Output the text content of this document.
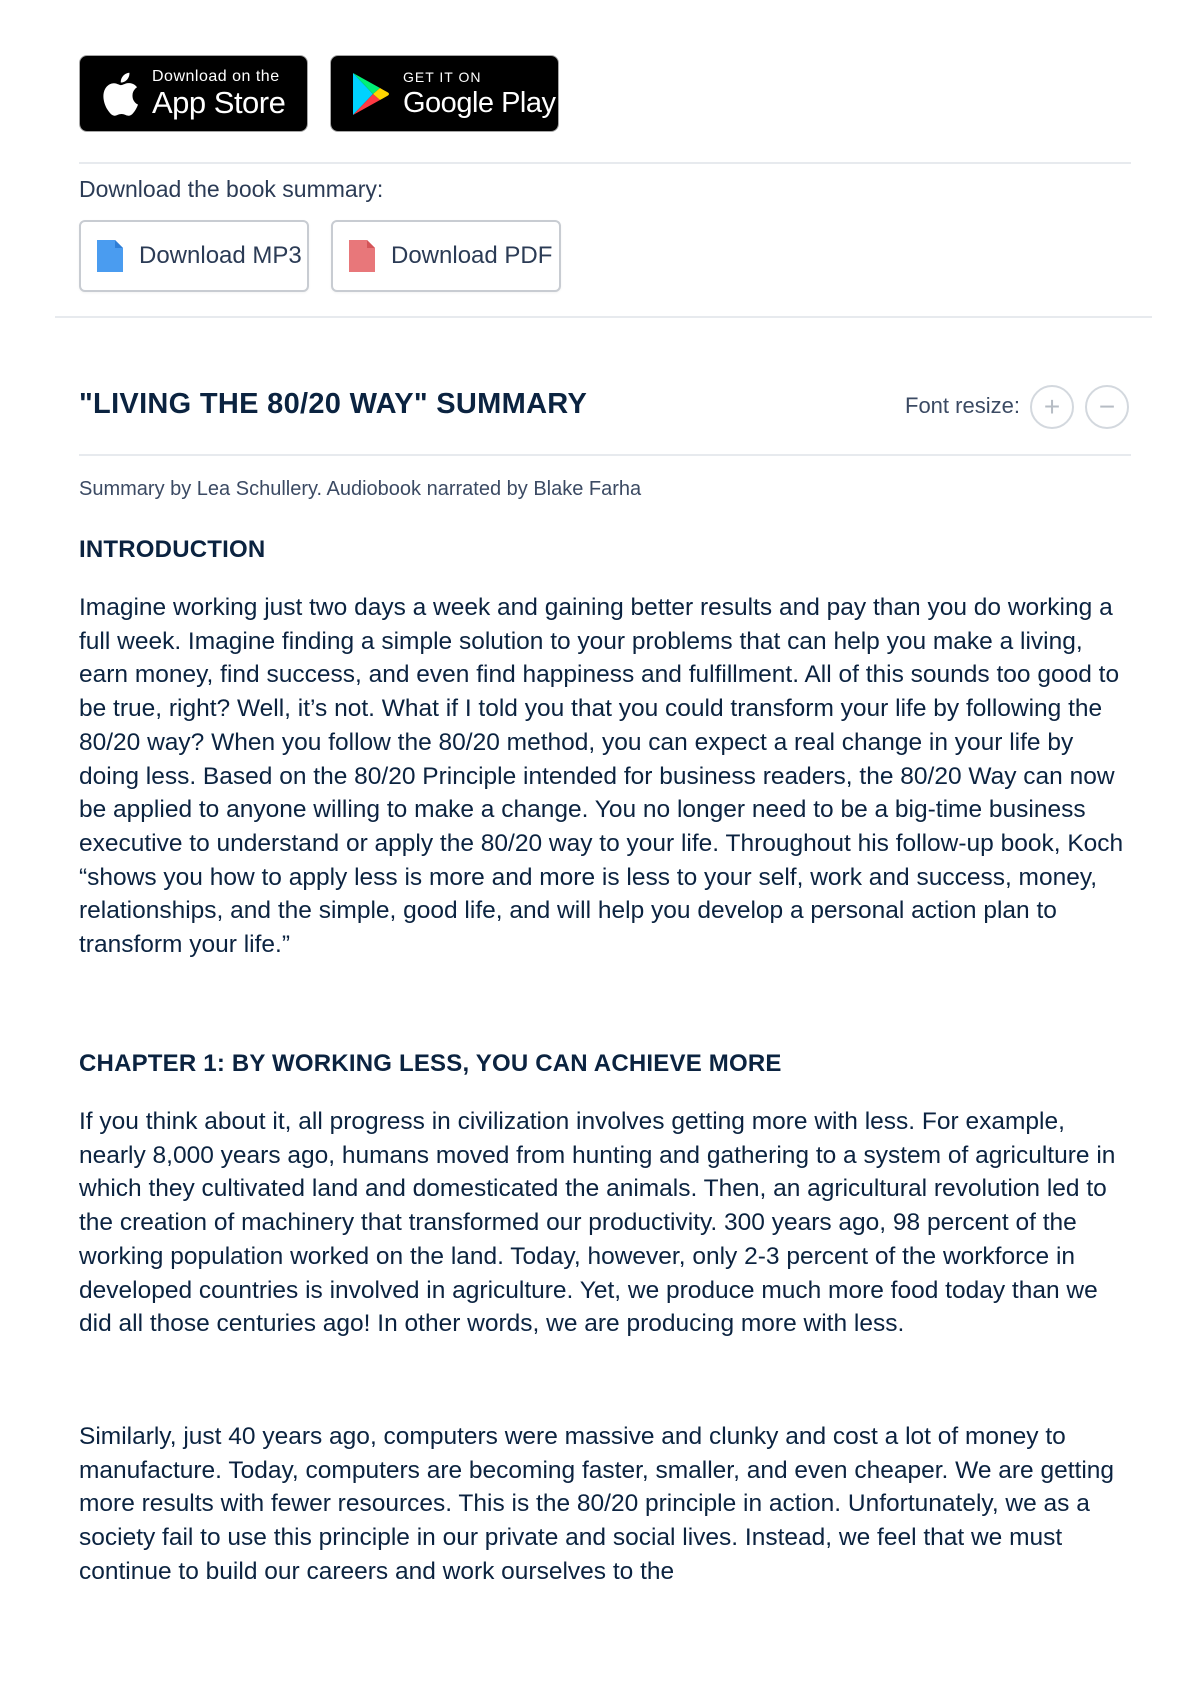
Download on the
App Store
GET IT ON
Google Play
Download the book summary:
Download MP3	Download PDF
"LIVING THE 80/20 WAY" SUMMARY	Font resize: + −
Summary by Lea Schullery. Audiobook narrated by Blake Farha
INTRODUCTION

Imagine working just two days a week and gaining better results and pay than you do working a full week. Imagine finding a simple solution to your problems that can help you make a living, earn money, find success, and even find happiness and fulfillment. All of this sounds too good to be true, right? Well, it’s not. What if I told you that you could transform your life by following the 80/20 way? When you follow the 80/20 method, you can expect a real change in your life by doing less. Based on the 80/20 Principle intended for business readers, the 80/20 Way can now be applied to anyone willing to make a change. You no longer need to be a big-time business executive to understand or apply the 80/20 way to your life. Throughout his follow-up book, Koch “shows you how to apply less is more and more is less to your self, work and success, money, relationships, and the simple, good life, and will help you develop a personal action plan to transform your life.”

CHAPTER 1: BY WORKING LESS, YOU CAN ACHIEVE MORE

If you think about it, all progress in civilization involves getting more with less. For example, nearly 8,000 years ago, humans moved from hunting and gathering to a system of agriculture in which they cultivated land and domesticated the animals. Then, an agricultural revolution led to the creation of machinery that transformed our productivity. 300 years ago, 98 percent of the working population worked on the land. Today, however, only 2-3 percent of the workforce in developed countries is involved in agriculture. Yet, we produce much more food today than we did all those centuries ago! In other words, we are producing more with less.

Similarly, just 40 years ago, computers were massive and clunky and cost a lot of money to manufacture. Today, computers are becoming faster, smaller, and even cheaper. We are getting more results with fewer resources. This is the 80/20 principle in action. Unfortunately, we as a society fail to use this principle in our private and social lives. Instead, we feel that we must continue to build our careers and work ourselves to the
